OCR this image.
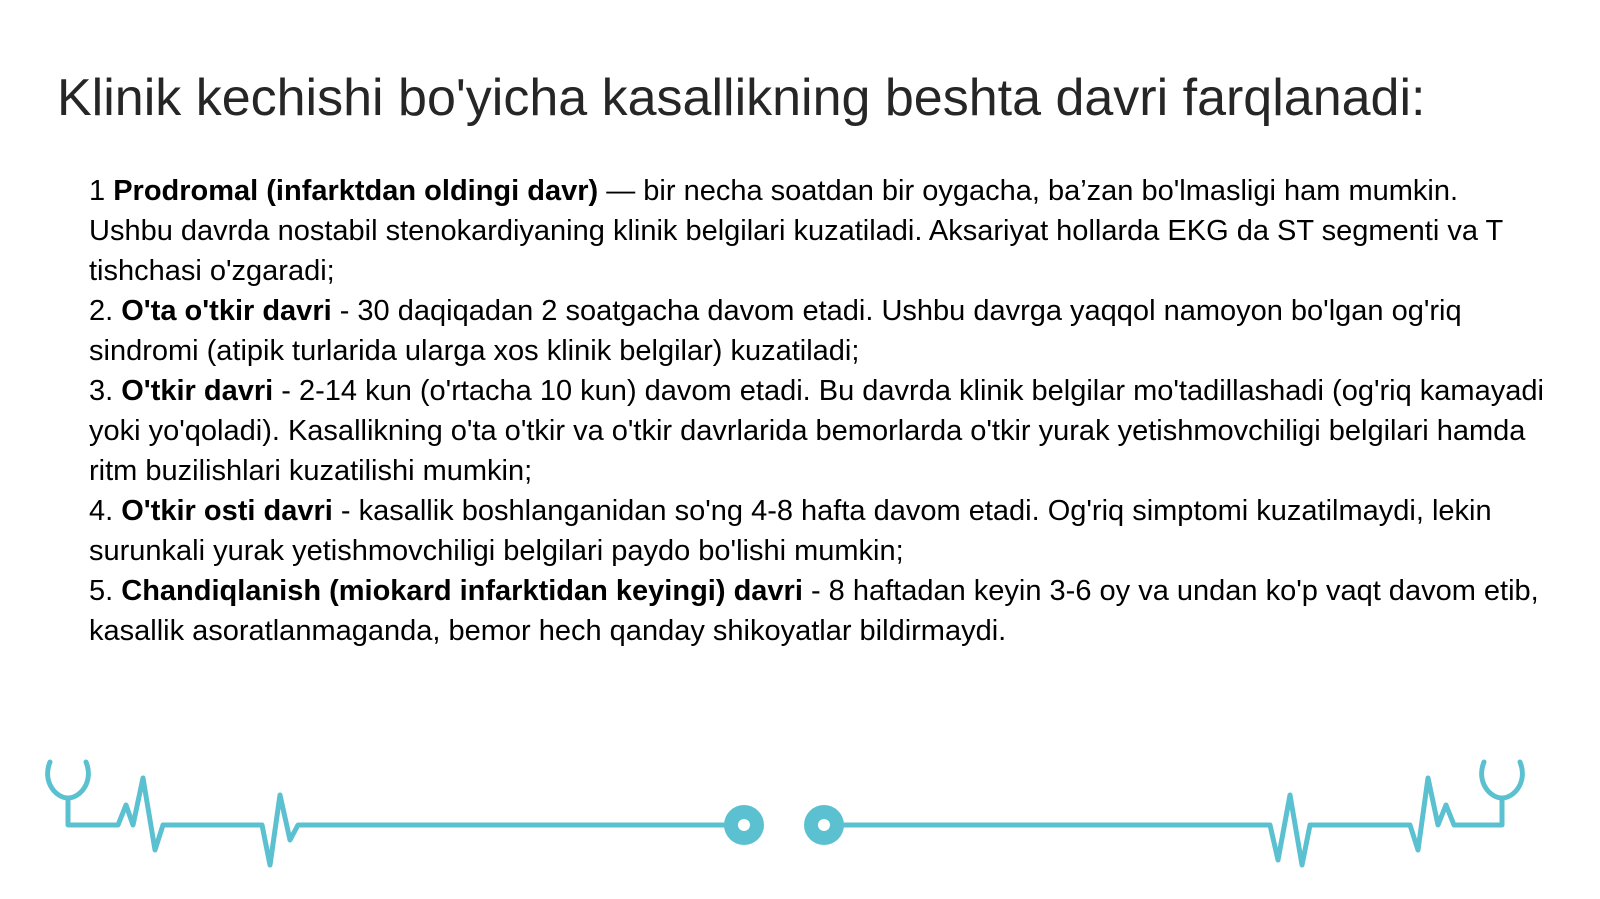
Klinik kechishi bo'yicha kasallikning beshta davri farqlanadi:

1 Prodromal (infarktdan oldingi davr) — bir necha soatdan bir oygacha, ba’zan bo'lmasligi ham mumkin. Ushbu davrda nostabil stenokardiyaning klinik belgilari kuzatiladi. Aksariyat hollarda EKG da ST segmenti va T tishchasi o'zgaradi;

2. O'ta o'tkir davri - 30 daqiqadan 2 soatgacha davom etadi. Ushbu davrga yaqqol namoyon bo'lgan og'riq sindromi (atipik turlarida ularga xos klinik belgilar) kuzatiladi;

3. O'tkir davri - 2-14 kun (o'rtacha 10 kun) davom etadi. Bu davrda klinik belgilar mo'tadillashadi (og'riq kamayadi yoki yo'qoladi). Kasallikning o'ta o'tkir va o'tkir davrlarida bemorlarda o'tkir yurak yetishmovchiligi belgilari hamda ritm buzilishlari kuzatilishi mumkin;

4. O'tkir osti davri - kasallik boshlanganidan so'ng 4-8 hafta davom etadi. Og'riq simptomi kuzatilmaydi, lekin surunkali yurak yetishmovchiligi belgilari paydo bo'lishi mumkin;

5. Chandiqlanish (miokard infarktidan keyingi) davri - 8 haftadan keyin 3-6 oy va undan ko'p vaqt davom etib, kasallik asoratlanmaganda, bemor hech qanday shikoyatlar bildirmaydi.
